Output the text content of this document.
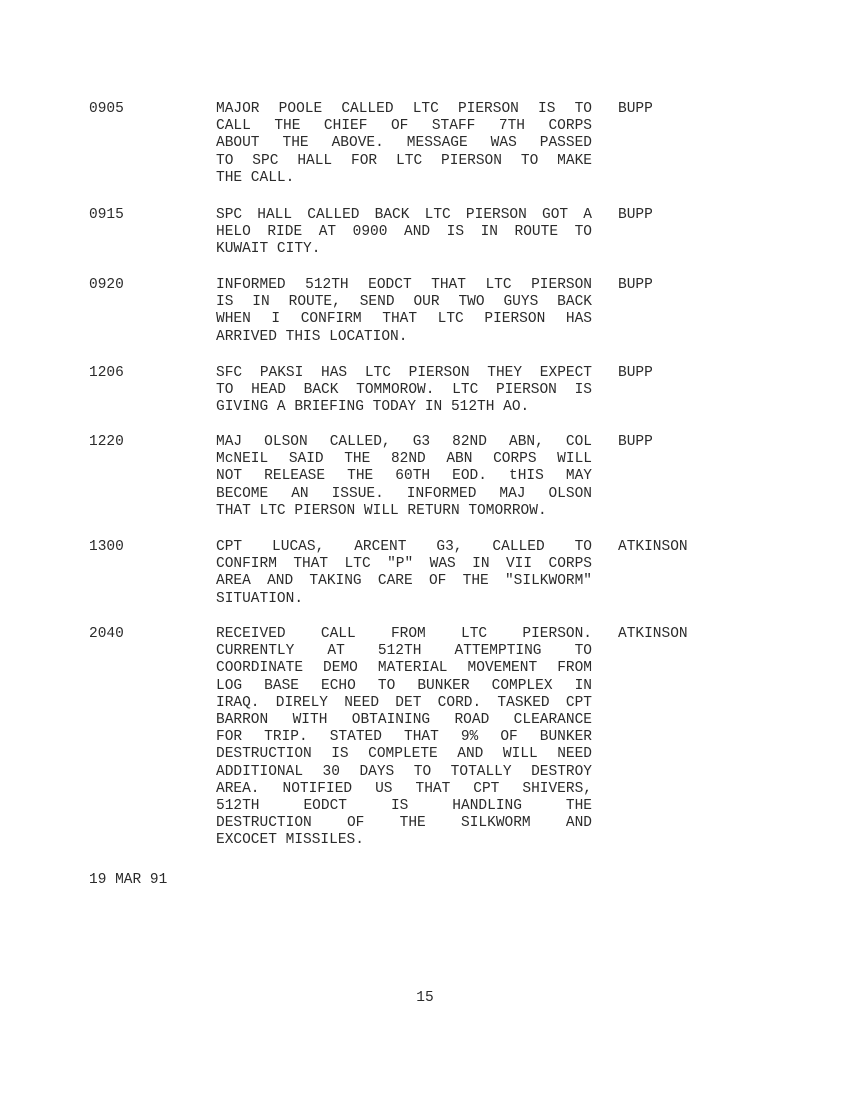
0905	MAJOR POOLE CALLED LTC PIERSON IS TO
CALL THE CHIEF OF STAFF 7TH CORPS
ABOUT THE ABOVE. MESSAGE WAS PASSED
TO SPC HALL FOR LTC PIERSON TO MAKE
THE CALL.
BUPP
0915	SPC HALL CALLED BACK LTC PIERSON GOT A
HELO RIDE AT 0900 AND IS IN ROUTE TO
KUWAIT CITY.
BUPP
0920	INFORMED 512TH EODCT THAT LTC PIERSON
IS IN ROUTE, SEND OUR TWO GUYS BACK
WHEN I CONFIRM THAT LTC PIERSON HAS
ARRIVED THIS LOCATION.
BUPP
1206	SFC PAKSI HAS LTC PIERSON THEY EXPECT
TO HEAD BACK TOMMOROW. LTC PIERSON IS
GIVING A BRIEFING TODAY IN 512TH AO.
BUPP
1220	MAJ OLSON CALLED, G3 82ND ABN, COL
McNEIL SAID THE 82ND ABN CORPS WILL
NOT RELEASE THE 60TH EOD. tHIS MAY
BECOME AN ISSUE. INFORMED MAJ OLSON
THAT LTC PIERSON WILL RETURN TOMORROW.
BUPP
1300	CPT LUCAS, ARCENT G3, CALLED TO
CONFIRM THAT LTC "P" WAS IN VII CORPS
AREA AND TAKING CARE OF THE "SILKWORM"
SITUATION.
ATKINSON
2040	RECEIVED CALL FROM LTC PIERSON.
CURRENTLY AT 512TH ATTEMPTING TO
COORDINATE DEMO MATERIAL MOVEMENT FROM
LOG BASE ECHO TO BUNKER COMPLEX IN
IRAQ. DIRELY NEED DET CORD. TASKED CPT
BARRON WITH OBTAINING ROAD CLEARANCE
FOR TRIP. STATED THAT 9% OF BUNKER
DESTRUCTION IS COMPLETE AND WILL NEED
ADDITIONAL 30 DAYS TO TOTALLY DESTROY
AREA. NOTIFIED US THAT CPT SHIVERS,
512TH EODCT IS HANDLING THE
DESTRUCTION OF THE SILKWORM AND
EXCOCET MISSILES.
ATKINSON
19 MAR 91
15
